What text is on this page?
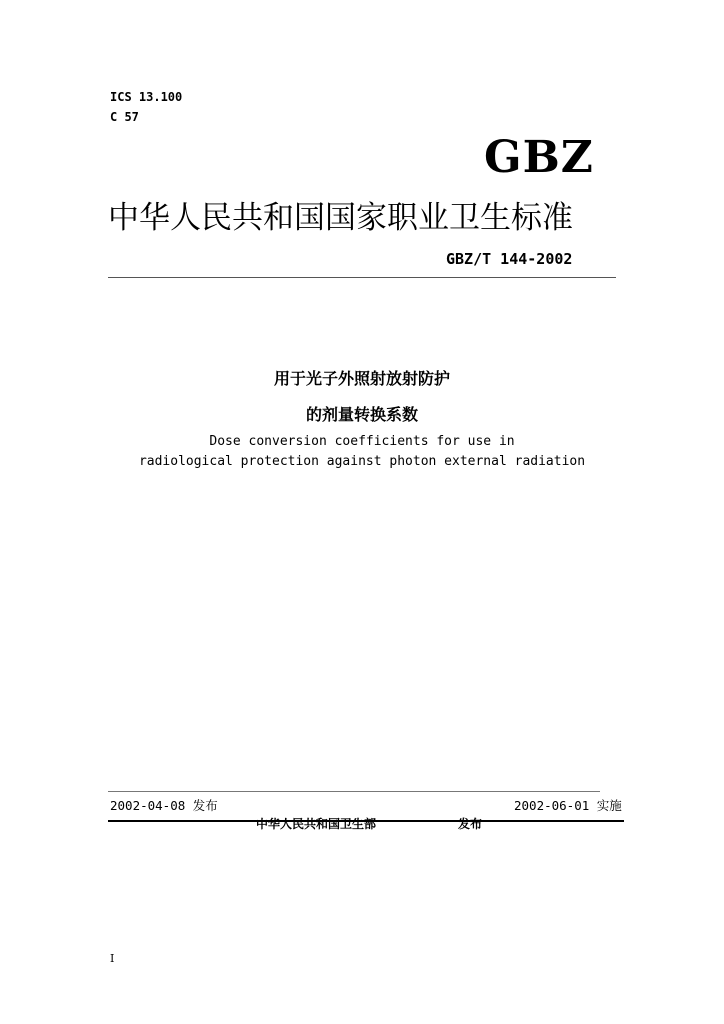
ICS 13.100
C 57
GBZ
中华人民共和国国家职业卫生标准
GBZ/T 144-2002
用于光子外照射放射防护
的剂量转换系数
Dose conversion coefficients for use in
radiological protection against photon external radiation
2002-04-08 发布	2002-06-01 实施
中华人民共和国卫生部	发布
I
